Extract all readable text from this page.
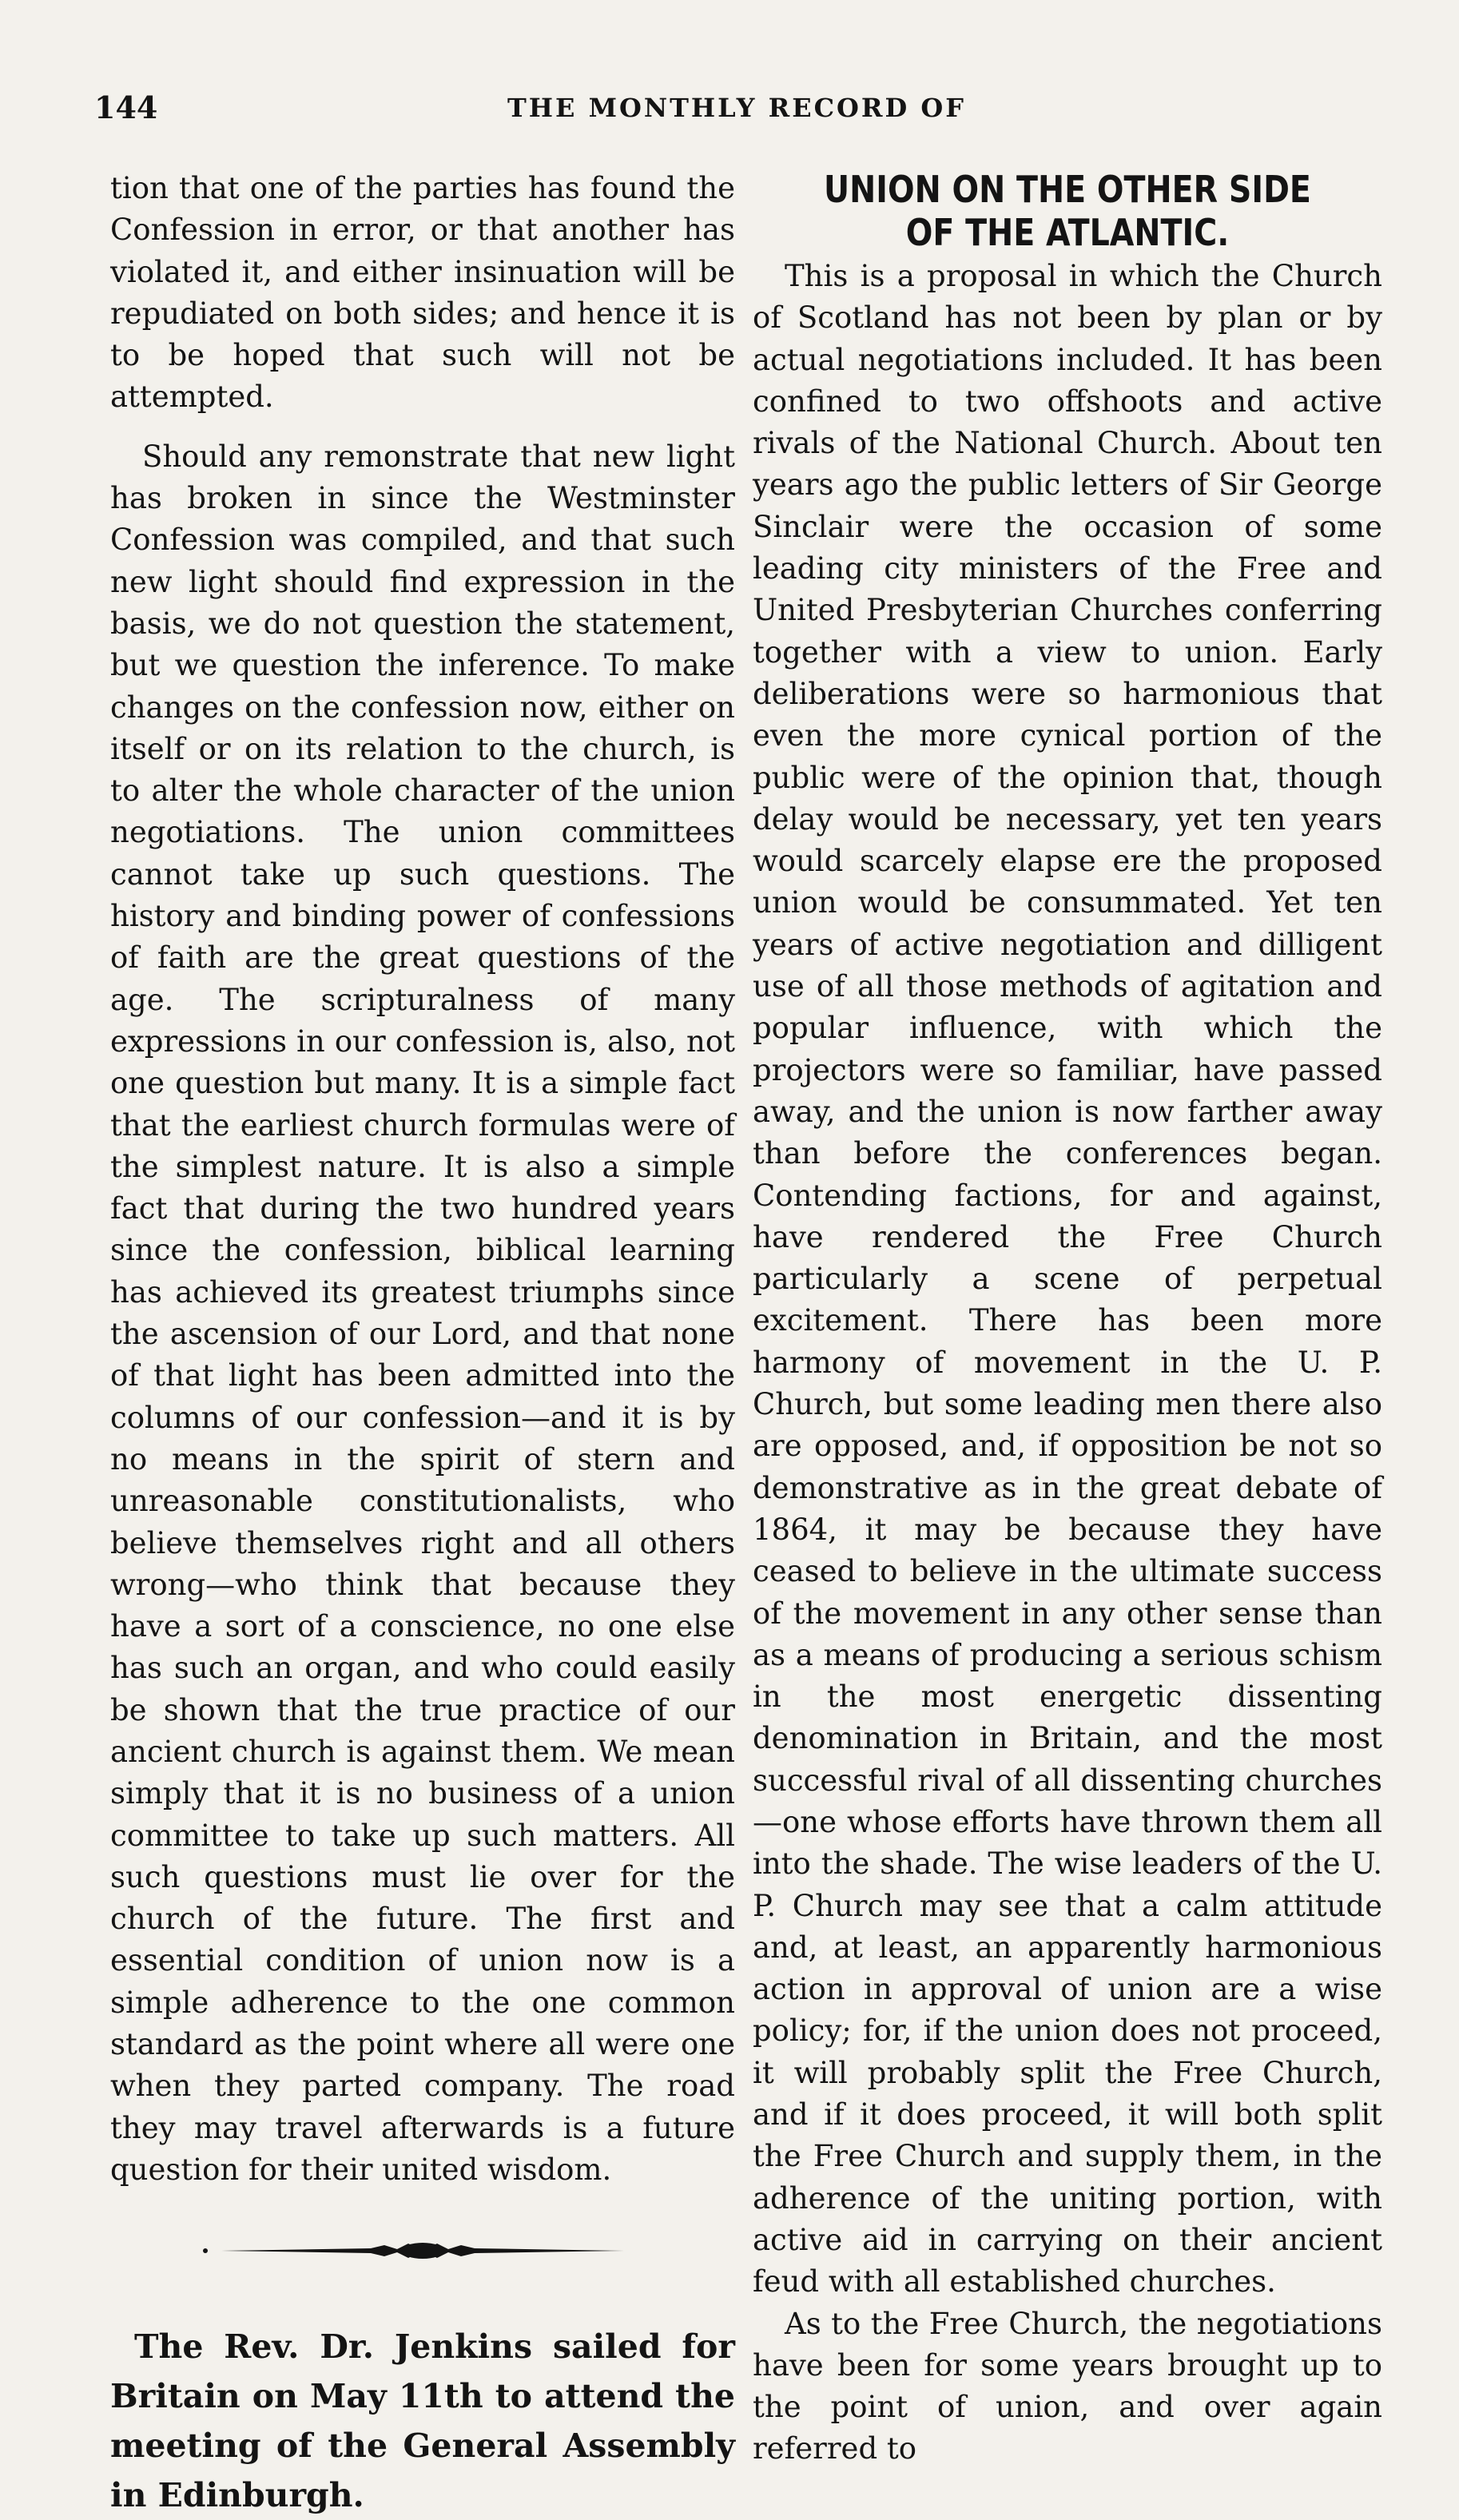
144	THE MONTHLY RECORD OF

tion that one of the parties has found the Confession in error, or that another has violated it, and either insinuation will be repudiated on both sides; and hence it is to be hoped that such will not be attempted.

Should any remonstrate that new light has broken in since the Westminster Confession was compiled, and that such new light should find expression in the basis, we do not question the statement, but we question the inference. To make changes on the confession now, either on itself or on its relation to the church, is to alter the whole character of the union negotiations. The union committees cannot take up such questions. The history and binding power of confessions of faith are the great questions of the age. The scripturalness of many expressions in our confession is, also, not one question but many. It is a simple fact that the earliest church formulas were of the simplest nature. It is also a simple fact that during the two hundred years since the confession, biblical learning has achieved its greatest triumphs since the ascension of our Lord, and that none of that light has been admitted into the columns of our confession—and it is by no means in the spirit of stern and unreasonable constitutionalists, who believe themselves right and all others wrong—who think that because they have a sort of a conscience, no one else has such an organ, and who could easily be shown that the true practice of our ancient church is against them. We mean simply that it is no business of a union committee to take up such matters. All such questions must lie over for the church of the future. The first and essential condition of union now is a simple adherence to the one common standard as the point where all were one when they parted company. The road they may travel afterwards is a future question for their united wisdom.

The Rev. Dr. Jenkins sailed for Britain on May 11th to attend the meeting of the General Assembly in Edinburgh.

UNION ON THE OTHER SIDE OF THE ATLANTIC.

This is a proposal in which the Church of Scotland has not been by plan or by actual negotiations included. It has been confined to two offshoots and active rivals of the National Church. About ten years ago the public letters of Sir George Sinclair were the occasion of some leading city ministers of the Free and United Presbyterian Churches conferring together with a view to union. Early deliberations were so harmonious that even the more cynical portion of the public were of the opinion that, though delay would be necessary, yet ten years would scarcely elapse ere the proposed union would be consummated. Yet ten years of active negotiation and dilligent use of all those methods of agitation and popular influence, with which the projectors were so familiar, have passed away, and the union is now farther away than before the conferences began. Contending factions, for and against, have rendered the Free Church particularly a scene of perpetual excitement. There has been more harmony of movement in the U. P. Church, but some leading men there also are opposed, and, if opposition be not so demonstrative as in the great debate of 1864, it may be because they have ceased to believe in the ultimate success of the movement in any other sense than as a means of producing a serious schism in the most energetic dissenting denomination in Britain, and the most successful rival of all dissenting churches—one whose efforts have thrown them all into the shade. The wise leaders of the U. P. Church may see that a calm attitude and, at least, an apparently harmonious action in approval of union are a wise policy; for, if the union does not proceed, it will probably split the Free Church, and if it does proceed, it will both split the Free Church and supply them, in the adherence of the uniting portion, with active aid in carrying on their ancient feud with all established churches.

As to the Free Church, the negotiations have been for some years brought up to the point of union, and over again referred to
